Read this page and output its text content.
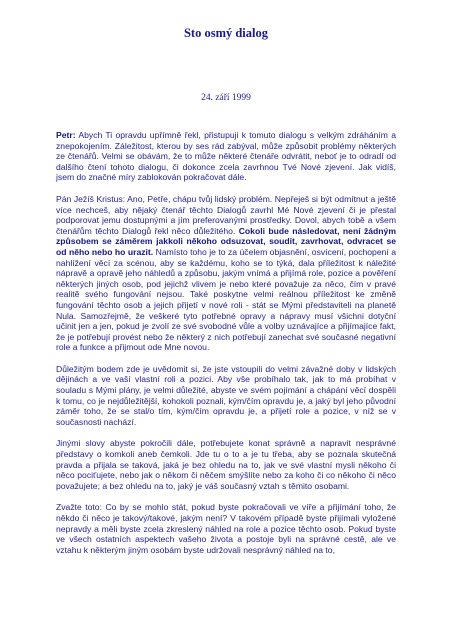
Sto osmý dialog
24. září 1999

Petr: Abych Ti opravdu upřímně řekl, přistupuji k tomuto dialogu s velkým zdráháním a znepokojením. Záležitost, kterou by ses rád zabýval, může způsobit problémy některých ze čtenářů. Velmi se obávám, že to může některé čtenáře odvrátit, neboť je to odradí od dalšího čtení tohoto dialogu, či dokonce zcela zavrhnou Tvé Nové zjevení. Jak vidíš, jsem do značné míry zablokován pokračovat dále.

Pán Ježíš Kristus: Ano, Petře, chápu tvůj lidský problém. Nepřeješ si být odmítnut a ještě více nechceš, aby nějaký čtenář těchto Dialogů zavrhl Mé Nové zjevení či je přestal podporovat jemu dostupnými a jím preferovanými prostředky. Dovol, abych tobě a všem čtenářům těchto Dialogů řekl něco důležitého. Cokoli bude následovat, není žádným způsobem se záměrem jakkoli někoho odsuzovat, soudit, zavrhovat, odvracet se od něho nebo ho urazit. Namísto toho je to za účelem objasnění, osvícení, pochopení a nahlížení věcí za scénou, aby se každému, koho se to týká, dala příležitost k náležité nápravě a opravě jeho náhledů a způsobu, jakým vnímá a přijímá role, pozice a pověření některých jiných osob, pod jejichž vlivem je nebo které považuje za něco, čím v pravé realitě svého fungování nejsou. Také poskytne velmi reálnou příležitost ke změně fungování těchto osob a jejich přijetí v nové roli - stát se Mými představiteli na planetě Nula. Samozřejmě, že veškeré tyto potřebné opravy a nápravy musí všichni dotyční učinit jen a jen, pokud je zvolí ze své svobodné vůle a volby uznávajíce a přijímajíce fakt, že je potřebují provést nebo že některý z nich potřebují zanechat své současné negativní role a funkce a přijmout ode Mne novou.

Důležitým bodem zde je uvědomit si, že jste vstoupili do velmi závažné doby v lidských dějinách a ve vaší vlastní roli a pozici. Aby vše probíhalo tak, jak to má probíhat v souladu s Mými plány, je velmi důležité, abyste ve svém pojímání a chápání věcí dospěli k tomu, co je nejdůležitější, kohokoli poznali, kým/čím opravdu je, a jaký byl jeho původní záměr toho, že se stal/o tím, kým/čím opravdu je, a přijetí role a pozice, v níž se v současnosti nachází.

Jinými slovy abyste pokročili dále, potřebujete konat správně a napravit nesprávné představy o komkoli aneb čemkoli. Jde tu o to a je tu třeba, aby se poznala skutečná pravda a přijala se taková, jaká je bez ohledu na to, jak ve své vlastní mysli někoho či něco pociťujete, nebo jak o někom či něčem smýšlíte nebo za koho či co někoho či něco považujete; a bez ohledu na to, jaký je váš současný vztah s těmito osobami.

Zvažte toto: Co by se mohlo stát, pokud byste pokračovali ve víře a přijímání toho, že někdo či něco je takový/takové, jakým není? V takovém případě byste přijímali vyložené nepravdy a měli byste zcela zkreslený náhled na role a pozice těchto osob. Pokud byste ve všech ostatních aspektech vašeho života a postoje byli na správné cestě, ale ve vztahu k některým jiným osobám byste udržovali nesprávný náhled na to,
